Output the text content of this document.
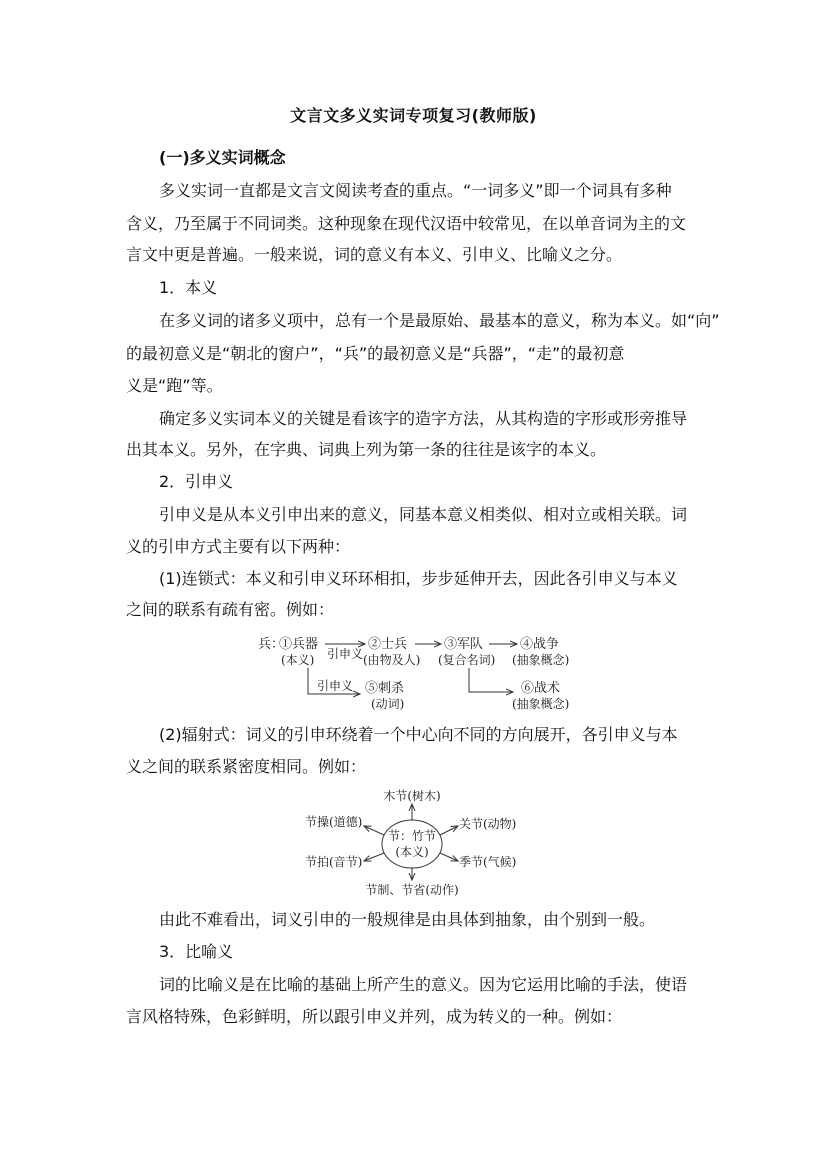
文言文多义实词专项复习(教师版)
(一)多义实词概念
多义实词一直都是文言文阅读考查的重点。“一词多义”即一个词具有多种
含义，乃至属于不同词类。这种现象在现代汉语中较常见，在以单音词为主的文
言文中更是普遍。一般来说，词的意义有本义、引申义、比喻义之分。
1．本义
在多义词的诸多义项中，总有一个是最原始、最基本的意义，称为本义。如“向”
的最初意义是“朝北的窗户”，“兵”的最初意义是“兵器”，“走”的最初意
义是“跑”等。
确定多义实词本义的关键是看该字的造字方法，从其构造的字形或形旁推导
出其本义。另外，在字典、词典上列为第一条的往往是该字的本义。
2．引申义
引申义是从本义引申出来的意义，同基本意义相类似、相对立或相关联。词
义的引申方式主要有以下两种：
(1)连锁式：本义和引申义环环相扣，步步延伸开去，因此各引申义与本义
之间的联系有疏有密。例如：
兵：
①兵器
(本义) 引申义
②士兵
(由物及人)
③军队
(复合名词)
④战争
(抽象概念)
引申义 ⑤刺杀
(动词)
⑥战术
(抽象概念)
(2)辐射式：词义的引申环绕着一个中心向不同的方向展开，各引申义与本
义之间的联系紧密度相同。例如：
节：竹节
(本义)
木节(树木)
节操(道德)	关节(动物)
节拍(音节)	季节(气候)
节制、节省(动作)
由此不难看出，词义引申的一般规律是由具体到抽象，由个别到一般。
3．比喻义
词的比喻义是在比喻的基础上所产生的意义。因为它运用比喻的手法，使语
言风格特殊，色彩鲜明，所以跟引申义并列，成为转义的一种。例如：
